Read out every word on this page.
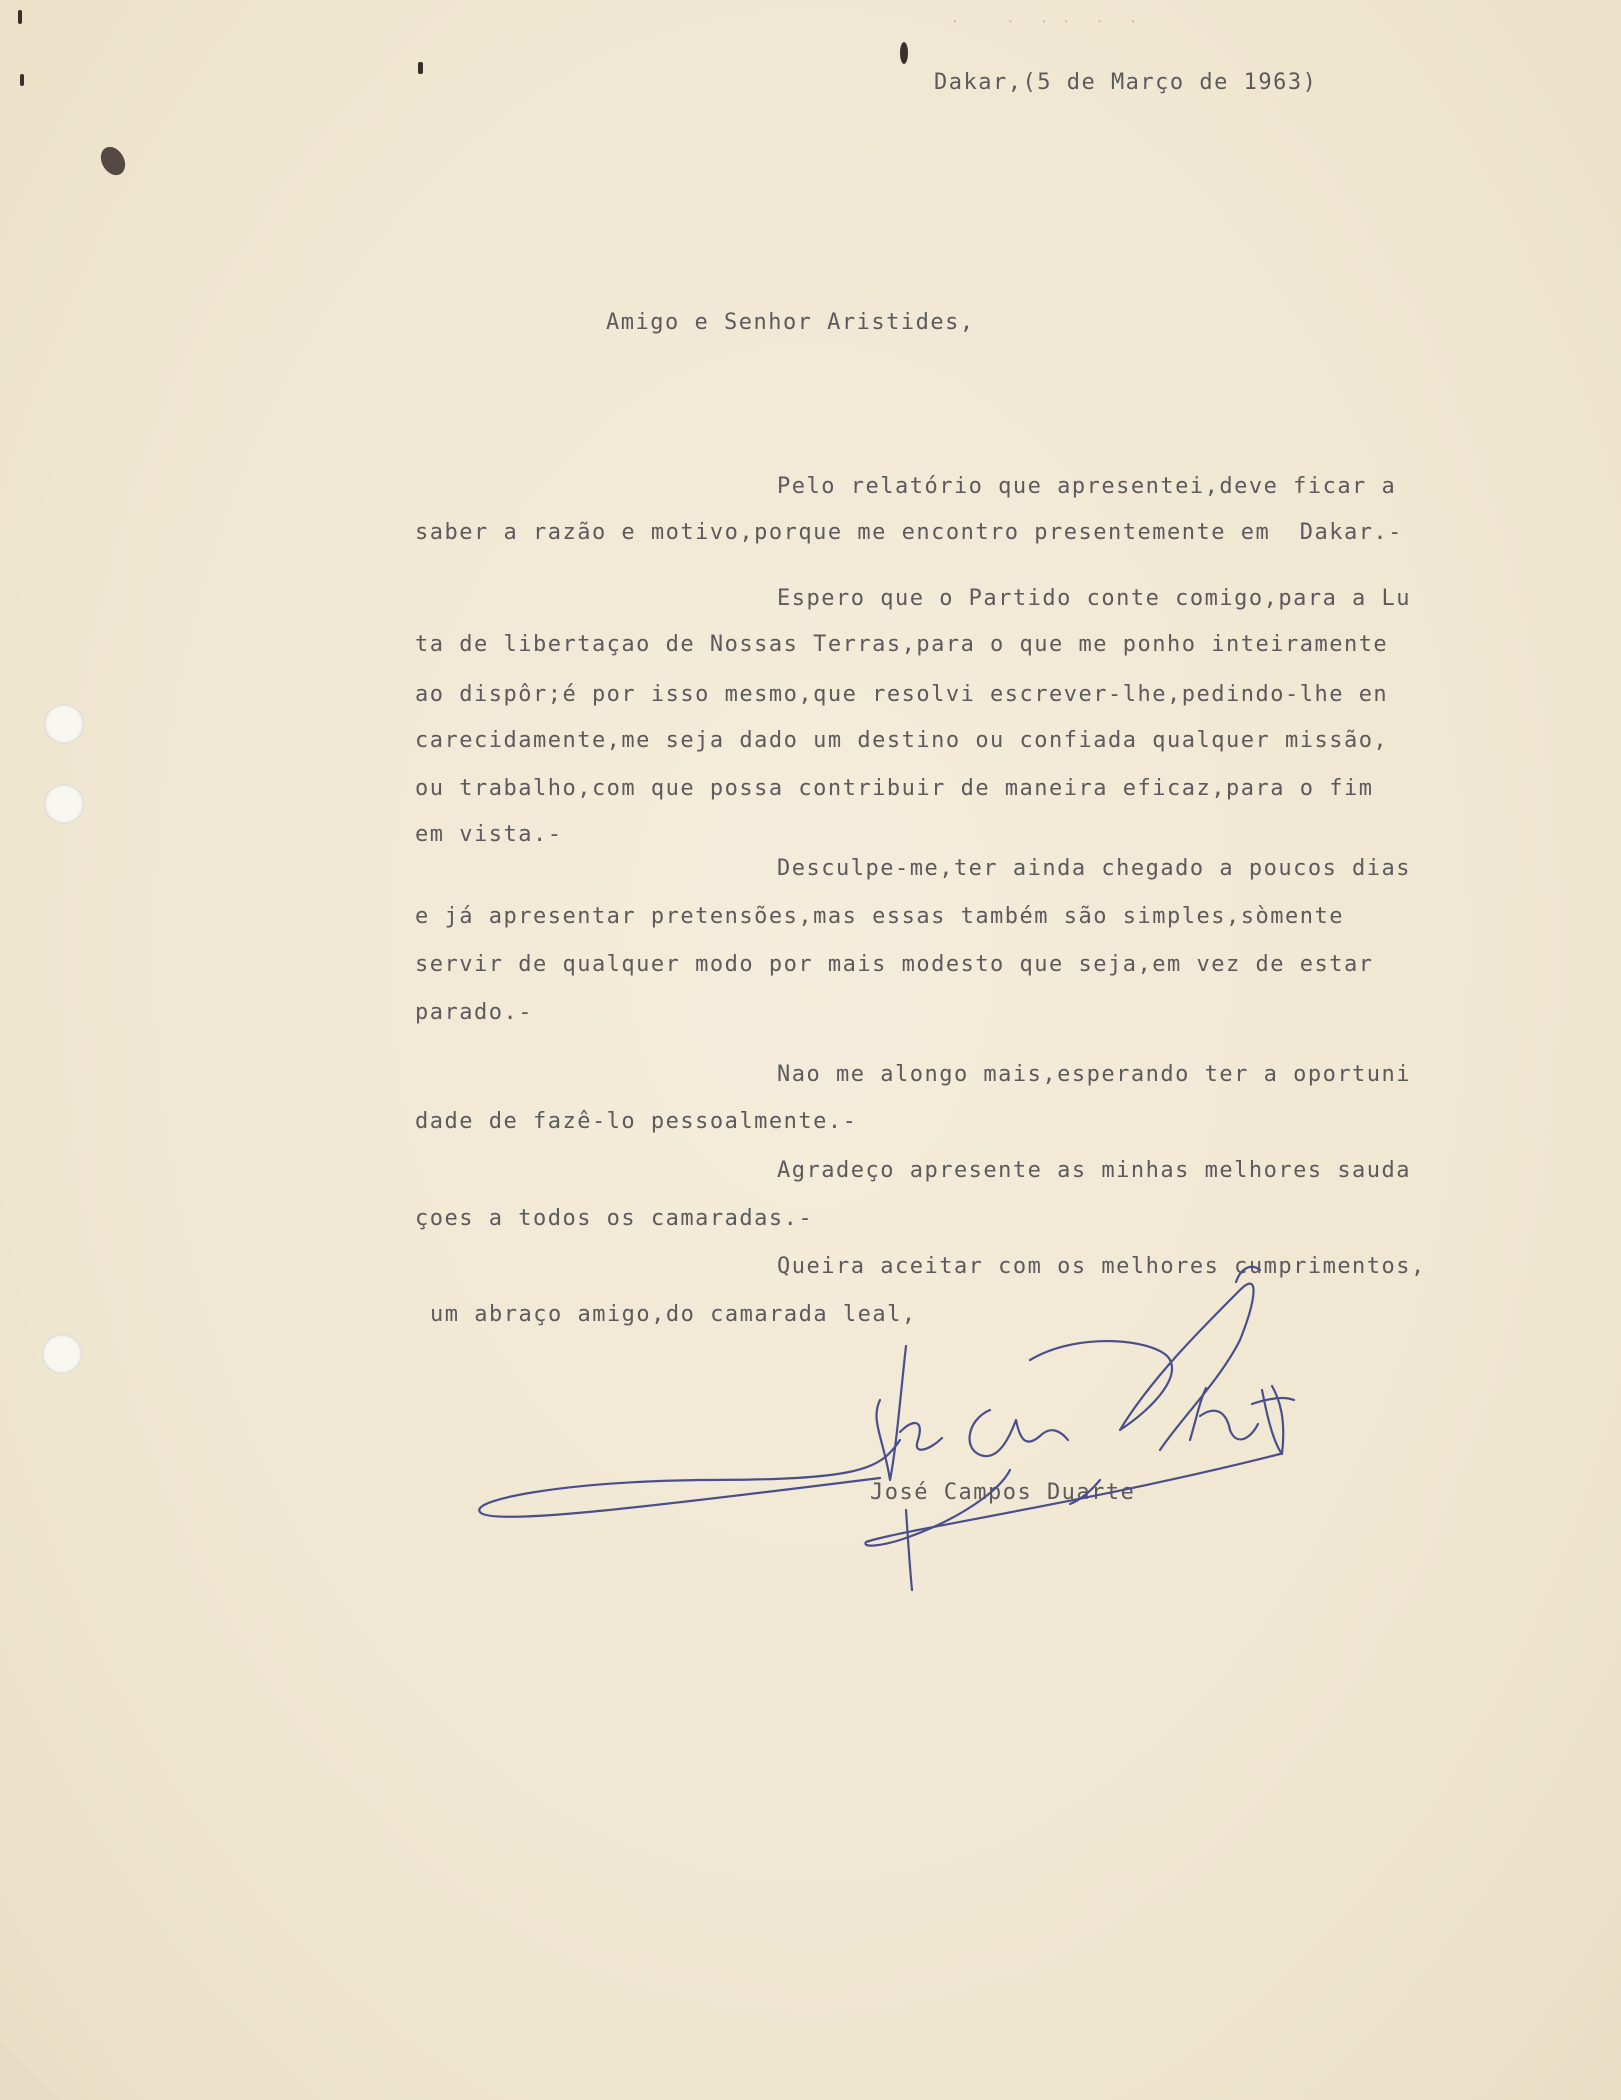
·    ·  · ·  ·  ·
Dakar,(5 de Março de 1963)
Amigo e Senhor Aristides,
Pelo relatório que apresentei,deve ficar a
saber a razão e motivo,porque me encontro presentemente em  Dakar.-
Espero que o Partido conte comigo,para a Lu
ta de libertaçao de Nossas Terras,para o que me ponho inteiramente
ao dispôr;é por isso mesmo,que resolvi escrever-lhe,pedindo-lhe en
carecidamente,me seja dado um destino ou confiada qualquer missão,
ou trabalho,com que possa contribuir de maneira eficaz,para o fim
em vista.-
Desculpe-me,ter ainda chegado a poucos dias
e já apresentar pretensões,mas essas também são simples,sòmente
servir de qualquer modo por mais modesto que seja,em vez de estar
parado.-
Nao me alongo mais,esperando ter a oportuni
dade de fazê-lo pessoalmente.-
Agradeço apresente as minhas melhores sauda
çoes a todos os camaradas.-
Queira aceitar com os melhores cumprimentos,
um abraço amigo,do camarada leal,
José Campos Duarte
